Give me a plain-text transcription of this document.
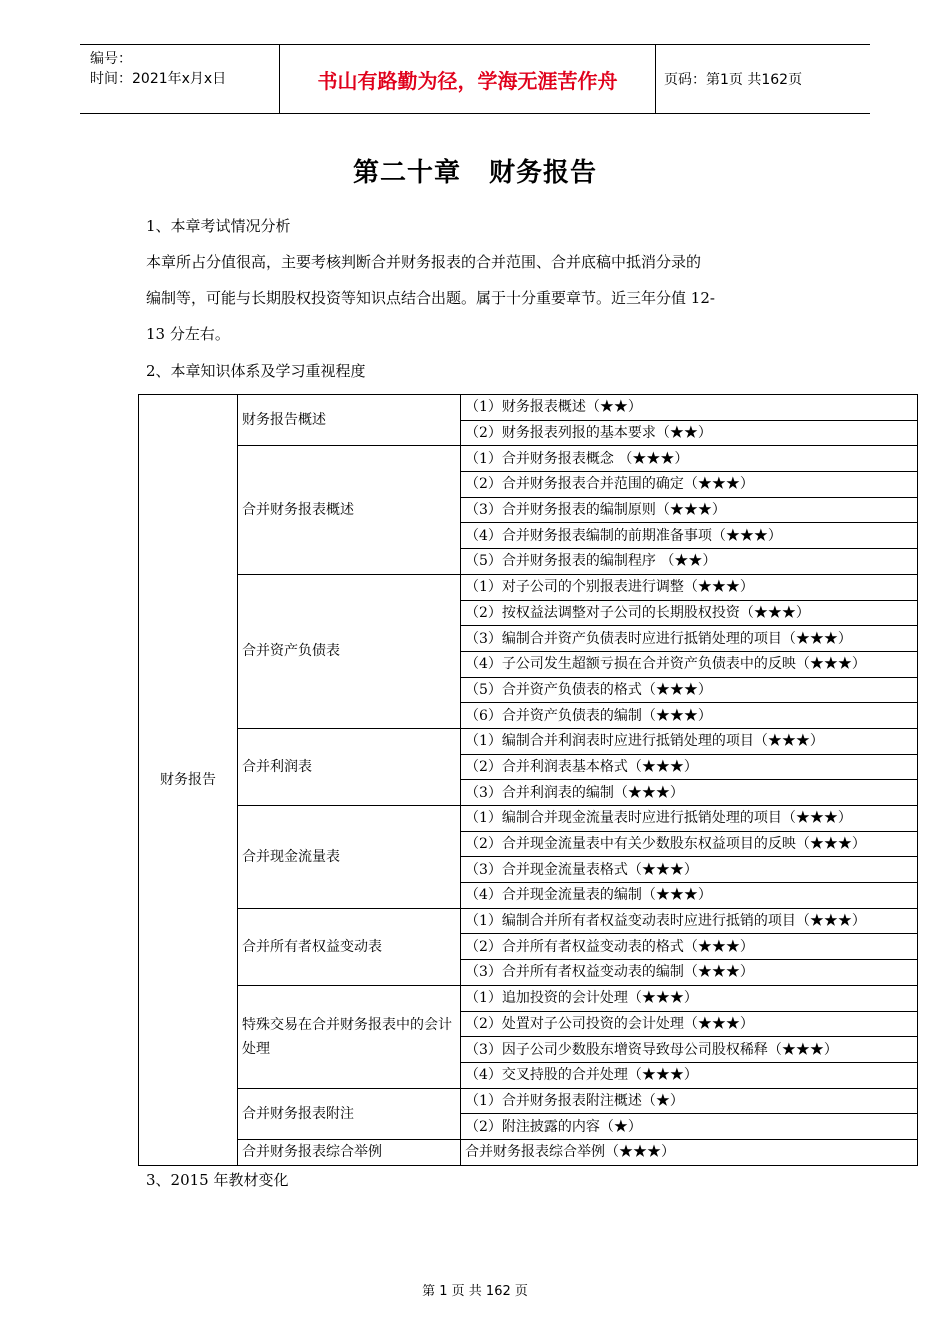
编号：
时间：2021年x月x日	书山有路勤为径，学海无涯苦作舟	页码：第1页 共162页
第二十章 财务报告
1、本章考试情况分析
本章所占分值很高，主要考核判断合并财务报表的合并范围、合并底稿中抵消分录的
编制等，可能与长期股权投资等知识点结合出题。属于十分重要章节。近三年分值 12-
13 分左右。
2、本章知识体系及学习重视程度
财务报告	财务报告概述	（1）财务报表概述（★★）
		（2）财务报表列报的基本要求（★★）
	合并财务报表概述	（1）合并财务报表概念 （★★★）
		（2）合并财务报表合并范围的确定（★★★）
		（3）合并财务报表的编制原则（★★★）
		（4）合并财务报表编制的前期准备事项（★★★）
		（5）合并财务报表的编制程序 （★★）
	合并资产负债表	（1）对子公司的个别报表进行调整（★★★）
		（2）按权益法调整对子公司的长期股权投资（★★★）
		（3）编制合并资产负债表时应进行抵销处理的项目（★★★）
		（4）子公司发生超额亏损在合并资产负债表中的反映（★★★）
		（5）合并资产负债表的格式（★★★）
		（6）合并资产负债表的编制（★★★）
	合并利润表	（1）编制合并利润表时应进行抵销处理的项目（★★★）
		（2）合并利润表基本格式（★★★）
		（3）合并利润表的编制（★★★）
	合并现金流量表	（1）编制合并现金流量表时应进行抵销处理的项目（★★★）
		（2）合并现金流量表中有关少数股东权益项目的反映（★★★）
		（3）合并现金流量表格式（★★★）
		（4）合并现金流量表的编制（★★★）
	合并所有者权益变动表	（1）编制合并所有者权益变动表时应进行抵销的项目（★★★）
		（2）合并所有者权益变动表的格式（★★★）
		（3）合并所有者权益变动表的编制（★★★）
	特殊交易在合并财务报表中的会计处理	（1）追加投资的会计处理（★★★）
		（2）处置对子公司投资的会计处理（★★★）
		（3）因子公司少数股东增资导致母公司股权稀释（★★★）
		（4）交叉持股的合并处理（★★★）
	合并财务报表附注	（1）合并财务报表附注概述（★）
		（2）附注披露的内容（★）
	合并财务报表综合举例	合并财务报表综合举例（★★★）
3、2015 年教材变化
第 1 页 共 162 页
